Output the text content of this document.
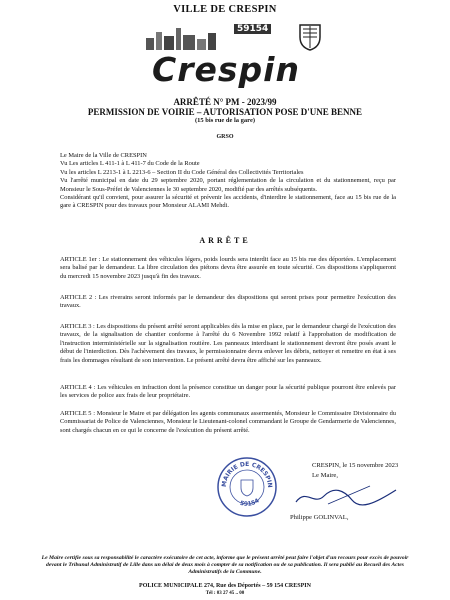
VILLE DE CRESPIN
59154
Crespin
ARRÊTÉ N° PM - 2023/99
PERMISSION DE VOIRIE – AUTORISATION POSE D'UNE BENNE
(15 bis rue de la gare)
GRSO
Le Maire de la Ville de CRESPIN
Vu Les articles L 411-1 à L 411-7 du Code de la Route
Vu les articles L 2213-1 à L 2213-6 – Section II du Code Général des Collectivités Territoriales
Vu l'arrêté municipal en date du 29 septembre 2020, portant réglementation de la circulation et du stationnement, reçu par Monsieur le Sous-Préfet de Valenciennes le 30 septembre 2020, modifié par des arrêtés subséquents.
Considérant qu'il convient, pour assurer la sécurité et prévenir les accidents, d'interdire le stationnement, face au 15 bis rue de la gare à CRESPIN pour des travaux pour Monsieur ALAMI Mehdi.
ARRÊTE
ARTICLE 1er : Le stationnement des véhicules légers, poids lourds sera interdit face au 15 bis rue des déportées. L'emplacement sera balisé par le demandeur. La libre circulation des piétons devra être assurée en toute sécurité. Ces dispositions s'appliqueront du mercredi 15 novembre 2023 jusqu'à fin des travaux.
ARTICLE 2 : Les riverains seront informés par le demandeur des dispositions qui seront prises pour permettre l'exécution des travaux.
ARTICLE 3 : Les dispositions du présent arrêté seront applicables dès la mise en place, par le demandeur chargé de l'exécution des travaux, de la signalisation de chantier conforme à l'arrêté du 6 Novembre 1992 relatif à l'approbation de modification de l'instruction interministérielle sur la signalisation routière. Les panneaux interdisant le stationnement devront être posés avant le début de l'interdiction. Dès l'achèvement des travaux, le permissionnaire devra enlever les débris, nettoyer et remettre en état à ses frais les dommages résultant de son intervention. Le présent arrêté devra être affiché sur les panneaux.
ARTICLE 4 : Les véhicules en infraction dont la présence constitue un danger pour la sécurité publique pourront être enlevés par les services de police aux frais de leur propriétaire.
ARTICLE 5 : Monsieur le Maire et par délégation les agents communaux assermentés, Monsieur le Commissaire Divisionnaire du Commissariat de Police de Valenciennes, Monsieur le Lieutenant-colonel commandant le Groupe de Gendarmerie de Valenciennes, sont chargés chacun en ce qui le concerne de l'exécution du présent arrêté.
MAIRIE DE CRESPIN
59154
CRESPIN, le 15 novembre 2023
Le Maire,
Philippe GOLINVAL,
Le Maire certifie sous sa responsabilité le caractère exécutoire de cet acte, informe que le présent arrêté peut faire l'objet d'un recours pour excès de pouvoir devant le Tribunal Administratif de Lille dans un délai de deux mois à compter de sa notification ou de sa publication. Il sera publié au Recueil des Actes Administratifs de la Commune.
POLICE MUNICIPALE 274, Rue des Déportés – 59 154 CRESPIN
Tél : 03 27 45 .. 00
